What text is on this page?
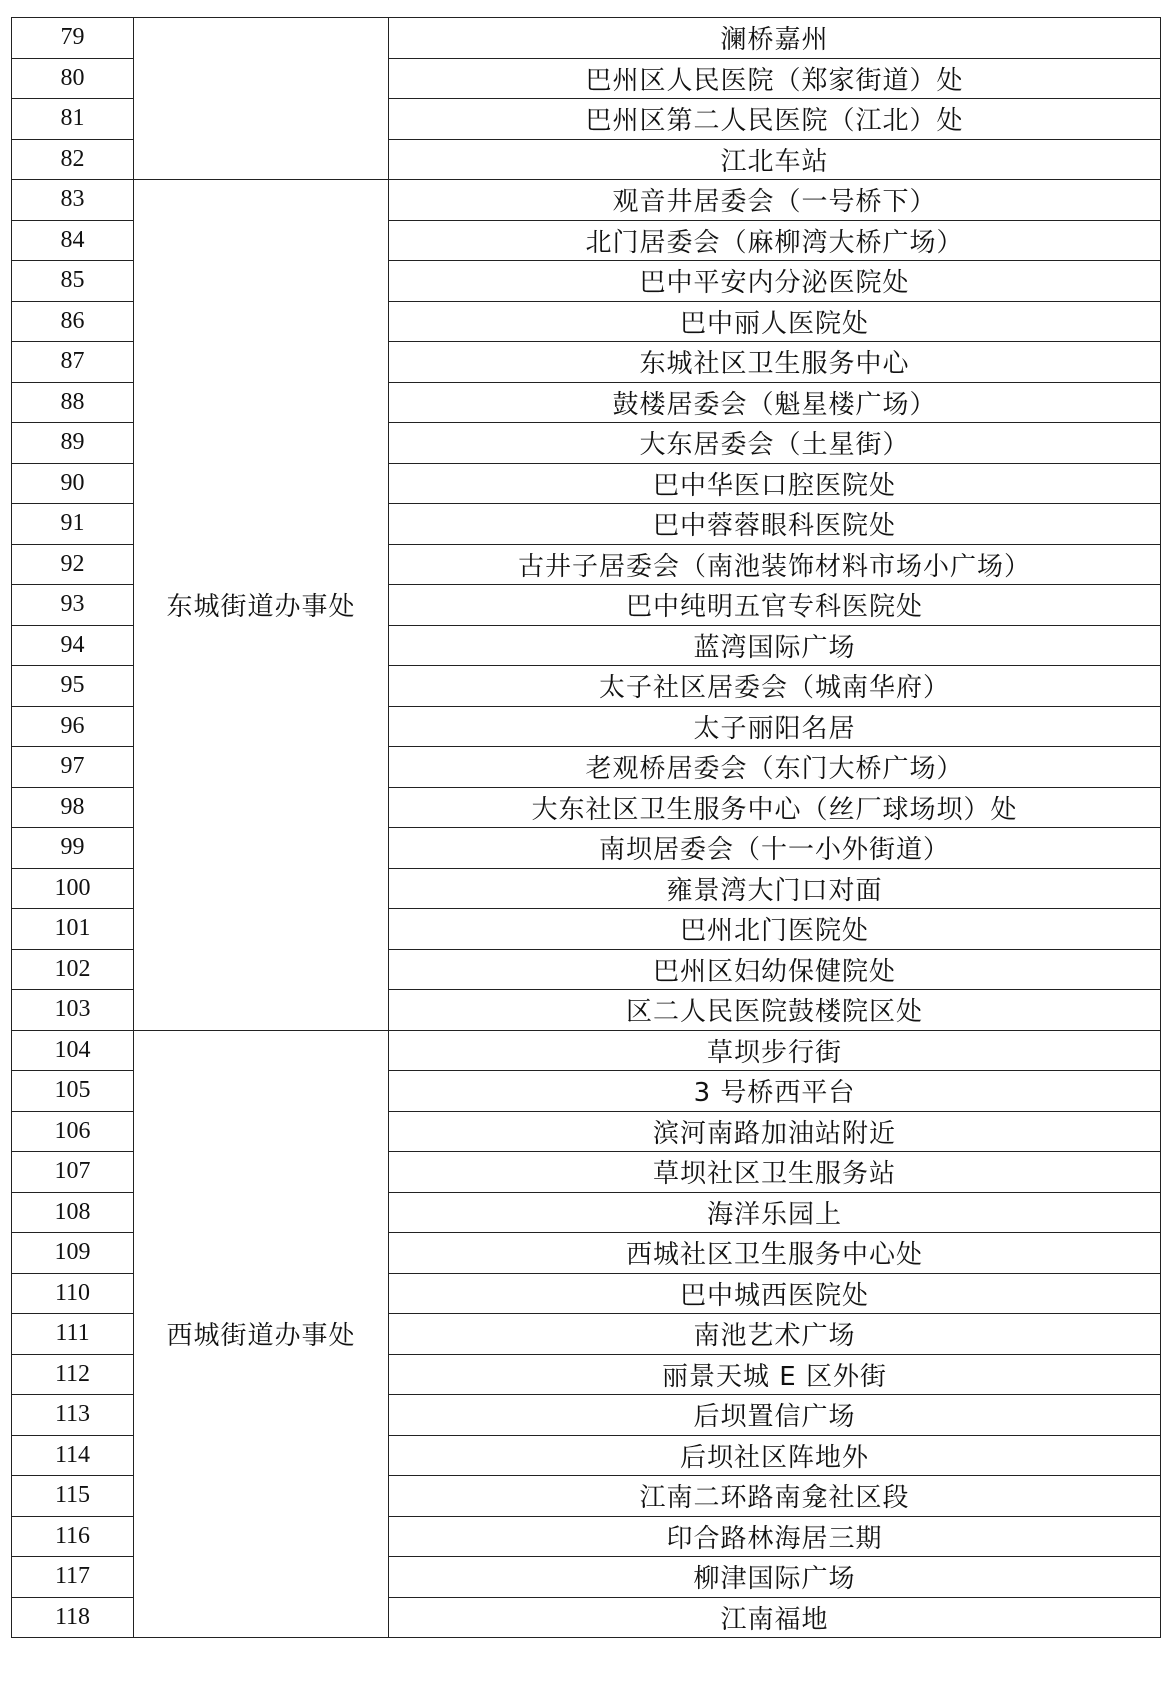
79		澜桥嘉州
80		巴州区人民医院（郑家街道）处
81		巴州区第二人民医院（江北）处
82		江北车站
83	东城街道办事处	观音井居委会（一号桥下）
84		北门居委会（麻柳湾大桥广场）
85		巴中平安内分泌医院处
86		巴中丽人医院处
87		东城社区卫生服务中心
88		鼓楼居委会（魁星楼广场）
89		大东居委会（土星街）
90		巴中华医口腔医院处
91		巴中蓉蓉眼科医院处
92		古井子居委会（南池装饰材料市场小广场）
93		巴中纯明五官专科医院处
94		蓝湾国际广场
95		太子社区居委会（城南华府）
96		太子丽阳名居
97		老观桥居委会（东门大桥广场）
98		大东社区卫生服务中心（丝厂球场坝）处
99		南坝居委会（十一小外街道）
100		雍景湾大门口对面
101		巴州北门医院处
102		巴州区妇幼保健院处
103		区二人民医院鼓楼院区处
104	西城街道办事处	草坝步行街
105		3 号桥西平台
106		滨河南路加油站附近
107		草坝社区卫生服务站
108		海洋乐园上
109		西城社区卫生服务中心处
110		巴中城西医院处
111		南池艺术广场
112		丽景天城 E 区外街
113		后坝置信广场
114		后坝社区阵地外
115		江南二环路南龛社区段
116		印合路林海居三期
117		柳津国际广场
118		江南福地
